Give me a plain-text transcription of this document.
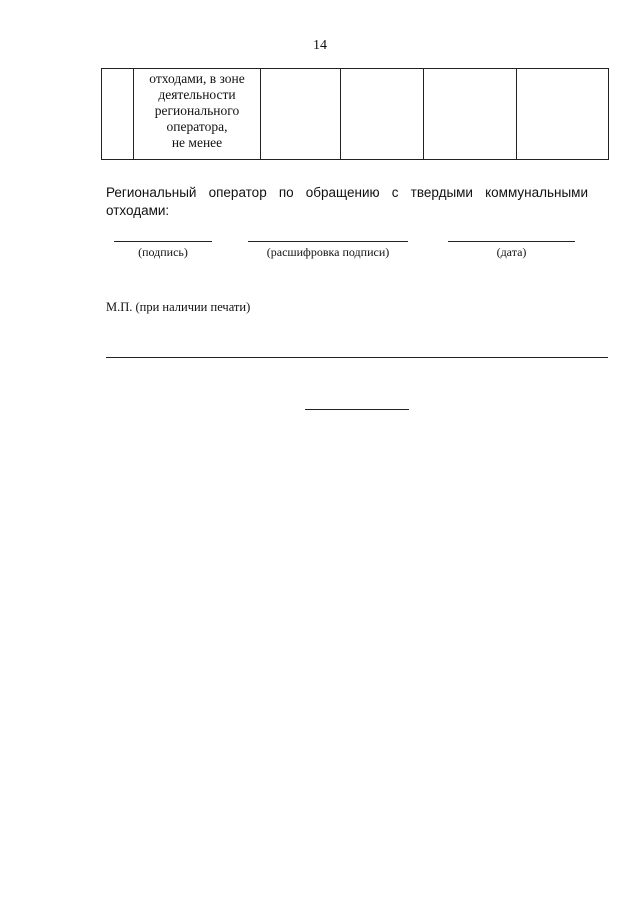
14

отходами, в зоне
деятельности
регионального
оператора,
не менее

Региональный оператор по обращению с твердыми коммунальными отходами:
(подпись)	(расшифровка подписи)	(дата)
М.П. (при наличии печати)
